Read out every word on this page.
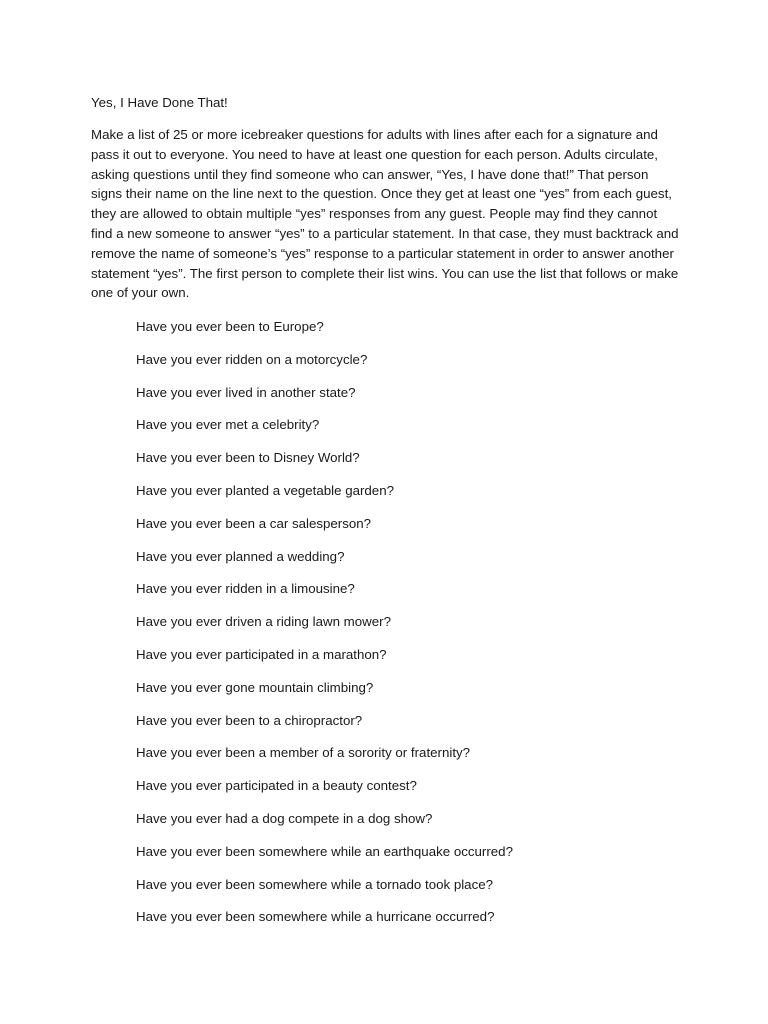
Yes, I Have Done That!

Make a list of 25 or more icebreaker questions for adults with lines after each for a signature and pass it out to everyone. You need to have at least one question for each person. Adults circulate, asking questions until they find someone who can answer, “Yes, I have done that!” That person signs their name on the line next to the question. Once they get at least one “yes” from each guest, they are allowed to obtain multiple “yes” responses from any guest. People may find they cannot find a new someone to answer “yes” to a particular statement. In that case, they must backtrack and remove the name of someone’s “yes” response to a particular statement in order to answer another statement “yes”. The first person to complete their list wins. You can use the list that follows or make one of your own.

Have you ever been to Europe?
Have you ever ridden on a motorcycle?
Have you ever lived in another state?
Have you ever met a celebrity?
Have you ever been to Disney World?
Have you ever planted a vegetable garden?
Have you ever been a car salesperson?
Have you ever planned a wedding?
Have you ever ridden in a limousine?
Have you ever driven a riding lawn mower?
Have you ever participated in a marathon?
Have you ever gone mountain climbing?
Have you ever been to a chiropractor?
Have you ever been a member of a sorority or fraternity?
Have you ever participated in a beauty contest?
Have you ever had a dog compete in a dog show?
Have you ever been somewhere while an earthquake occurred?
Have you ever been somewhere while a tornado took place?
Have you ever been somewhere while a hurricane occurred?
